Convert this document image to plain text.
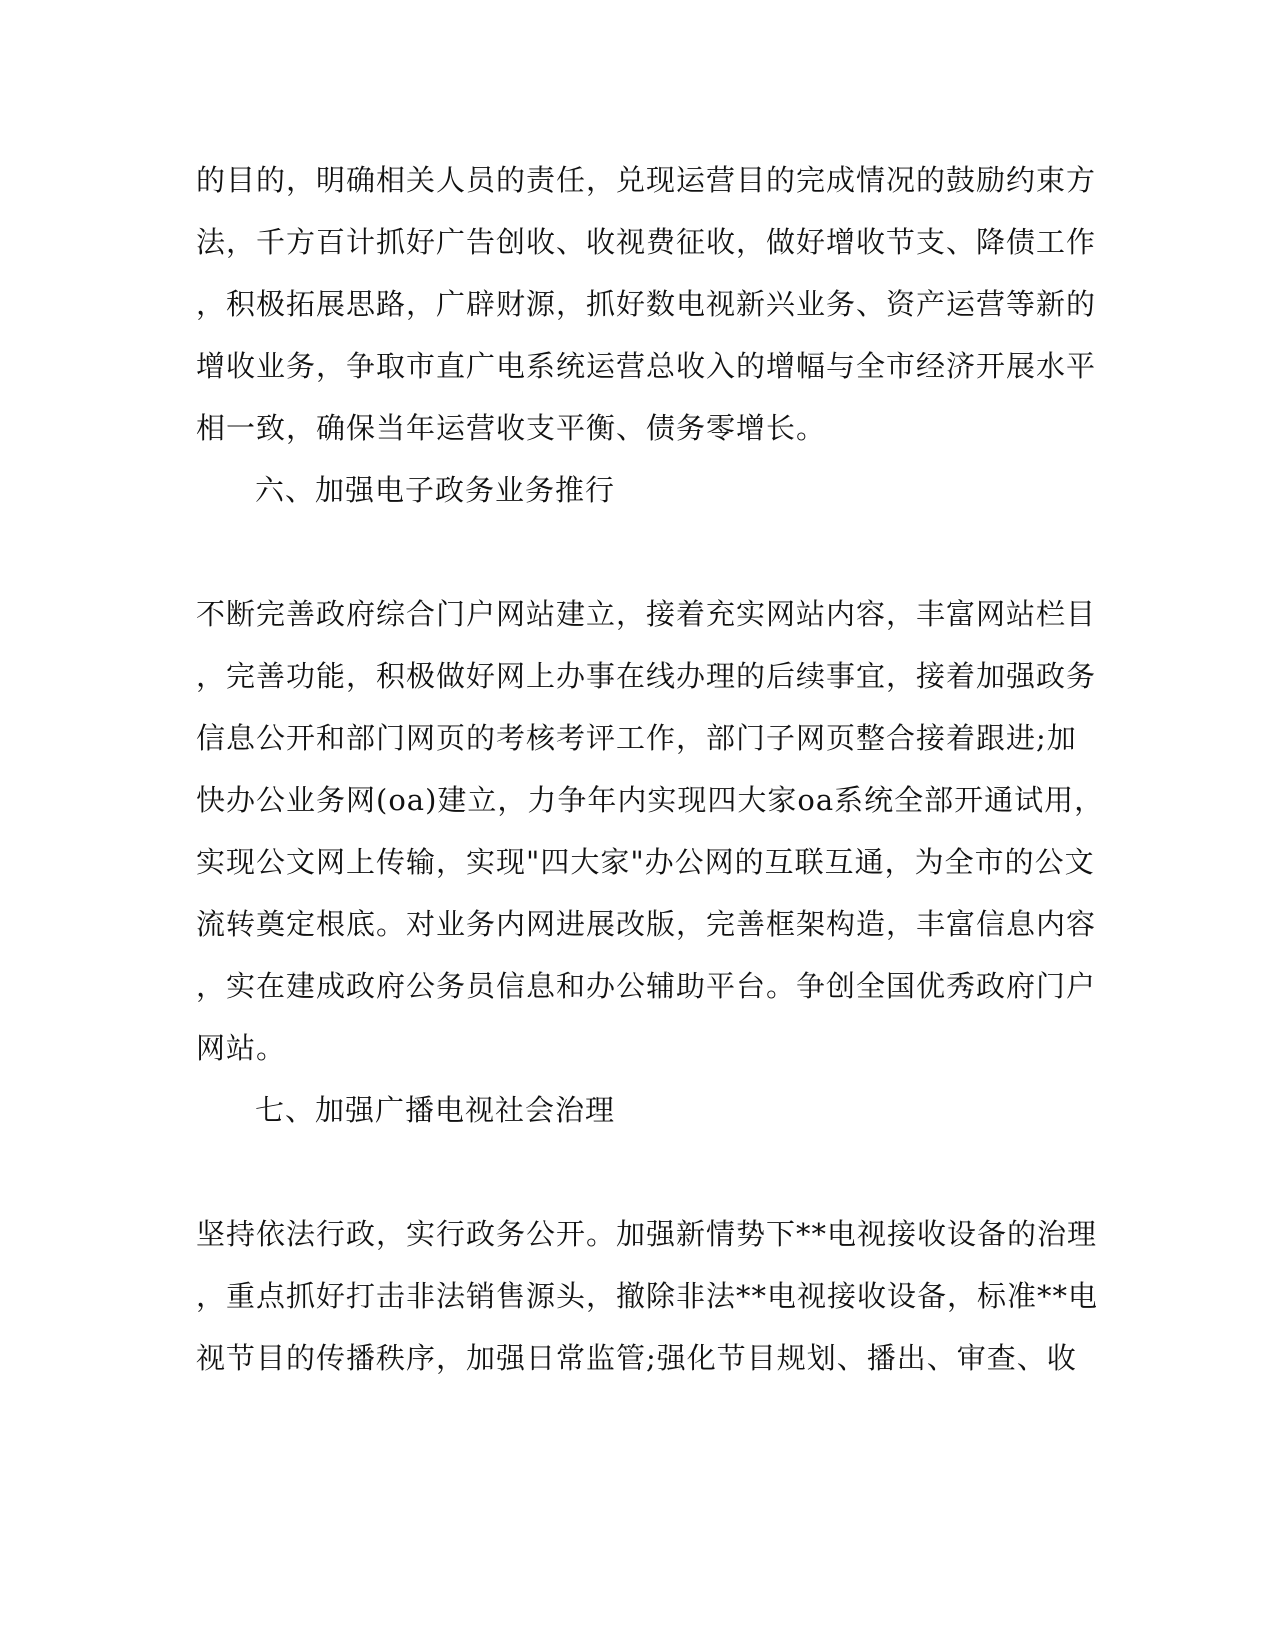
的目的，明确相关人员的责任，兑现运营目的完成情况的鼓励约束方
法，千方百计抓好广告创收、收视费征收，做好增收节支、降债工作
，积极拓展思路，广辟财源，抓好数电视新兴业务、资产运营等新的
增收业务，争取市直广电系统运营总收入的增幅与全市经济开展水平
相一致，确保当年运营收支平衡、债务零增长。
六、加强电子政务业务推行
不断完善政府综合门户网站建立，接着充实网站内容，丰富网站栏目
，完善功能，积极做好网上办事在线办理的后续事宜，接着加强政务
信息公开和部门网页的考核考评工作，部门子网页整合接着跟进;加
快办公业务网(oa)建立，力争年内实现四大家oa系统全部开通试用，
实现公文网上传输，实现"四大家"办公网的互联互通，为全市的公文
流转奠定根底。对业务内网进展改版，完善框架构造，丰富信息内容
，实在建成政府公务员信息和办公辅助平台。争创全国优秀政府门户
网站。
七、加强广播电视社会治理
坚持依法行政，实行政务公开。加强新情势下**电视接收设备的治理
，重点抓好打击非法销售源头，撤除非法**电视接收设备，标准**电
视节目的传播秩序，加强日常监管;强化节目规划、播出、审查、收
